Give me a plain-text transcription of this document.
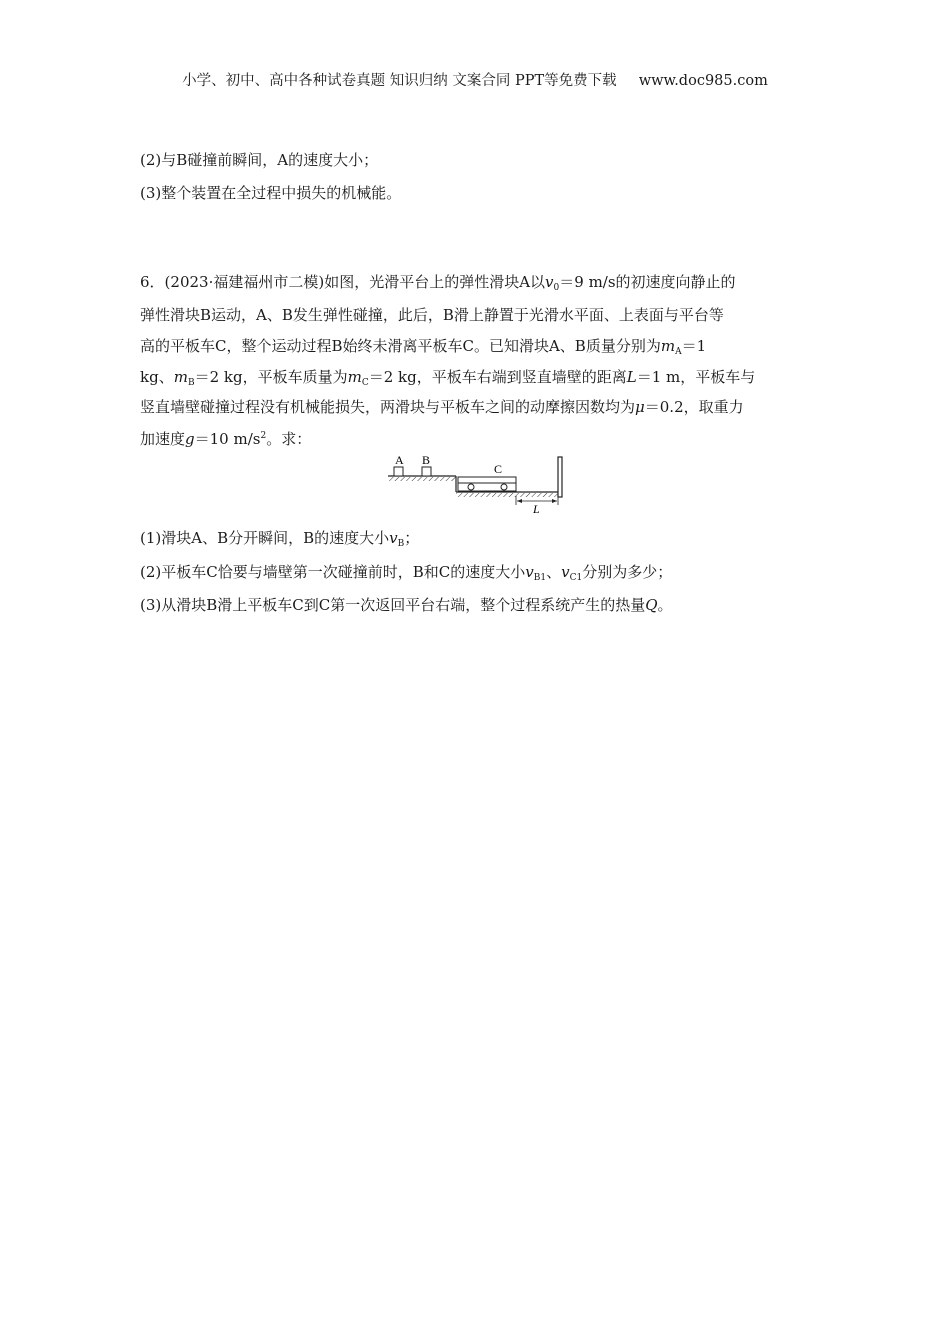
小学、初中、高中各种试卷真题 知识归纳 文案合同 PPT等免费下载 www.doc985.com
(2)与B碰撞前瞬间，A的速度大小；
(3)整个装置在全过程中损失的机械能。
6．(2023·福建福州市二模)如图，光滑平台上的弹性滑块A以$v_0=9$ m/s的初速度向静止的
弹性滑块B运动，A、B发生弹性碰撞，此后，B滑上静置于光滑水平面、上表面与平台等
高的平板车C，整个运动过程B始终未滑离平板车C。已知滑块A、B质量分别为$m_A=1$
kg、$m_B=2$ kg，平板车质量为$m_C=2$ kg，平板车右端到竖直墙壁的距离L＝1 m，平板车与
竖直墙壁碰撞过程没有机械能损失，两滑块与平板车之间的动摩擦因数均为μ＝0.2，取重力
加速度g＝10 $m/s^2$。求：
A B
C
L
(1)滑块A、B分开瞬间，B的速度大小$v_B$；
(2)平板车C恰要与墙壁第一次碰撞前时，B和C的速度大小$v_{B1}$、$v_{C1}$分别为多少；
(3)从滑块B滑上平板车C到C第一次返回平台右端，整个过程系统产生的热量Q。
